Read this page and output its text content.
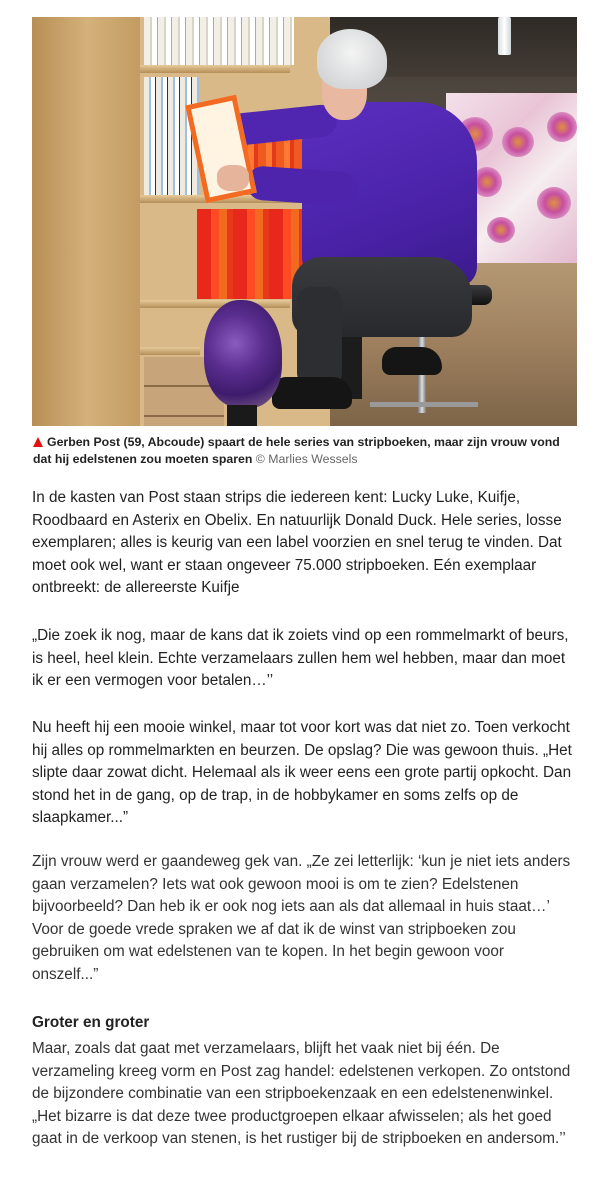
Gerben Post (59, Abcoude) spaart de hele series van stripboeken, maar zijn vrouw vond dat hij edelstenen zou moeten sparen © Marlies Wessels

In de kasten van Post staan strips die iedereen kent: Lucky Luke, Kuifje, Roodbaard en Asterix en Obelix. En natuurlijk Donald Duck. Hele series, losse exemplaren; alles is keurig van een label voorzien en snel terug te vinden. Dat moet ook wel, want er staan ongeveer 75.000 stripboeken. Eén exemplaar ontbreekt: de allereerste Kuifje

„Die zoek ik nog, maar de kans dat ik zoiets vind op een rommelmarkt of beurs, is heel, heel klein. Echte verzamelaars zullen hem wel hebben, maar dan moet ik er een vermogen voor betalen…’’

Nu heeft hij een mooie winkel, maar tot voor kort was dat niet zo. Toen verkocht hij alles op rommelmarkten en beurzen. De opslag? Die was gewoon thuis. „Het slipte daar zowat dicht. Helemaal als ik weer eens een grote partij opkocht. Dan stond het in de gang, op de trap, in de hobbykamer en soms zelfs op de slaapkamer...”

Zijn vrouw werd er gaandeweg gek van. „Ze zei letterlijk: ‘kun je niet iets anders gaan verzamelen? Iets wat ook gewoon mooi is om te zien? Edelstenen bijvoorbeeld? Dan heb ik er ook nog iets aan als dat allemaal in huis staat…’ Voor de goede vrede spraken we af dat ik de winst van stripboeken zou gebruiken om wat edelstenen van te kopen. In het begin gewoon voor onszelf...”

Groter en groter

Maar, zoals dat gaat met verzamelaars, blijft het vaak niet bij één. De verzameling kreeg vorm en Post zag handel: edelstenen verkopen. Zo ontstond de bijzondere combinatie van een stripboekenzaak en een edelstenenwinkel. „Het bizarre is dat deze twee productgroepen elkaar afwisselen; als het goed gaat in de verkoop van stenen, is het rustiger bij de stripboeken en andersom.’’
